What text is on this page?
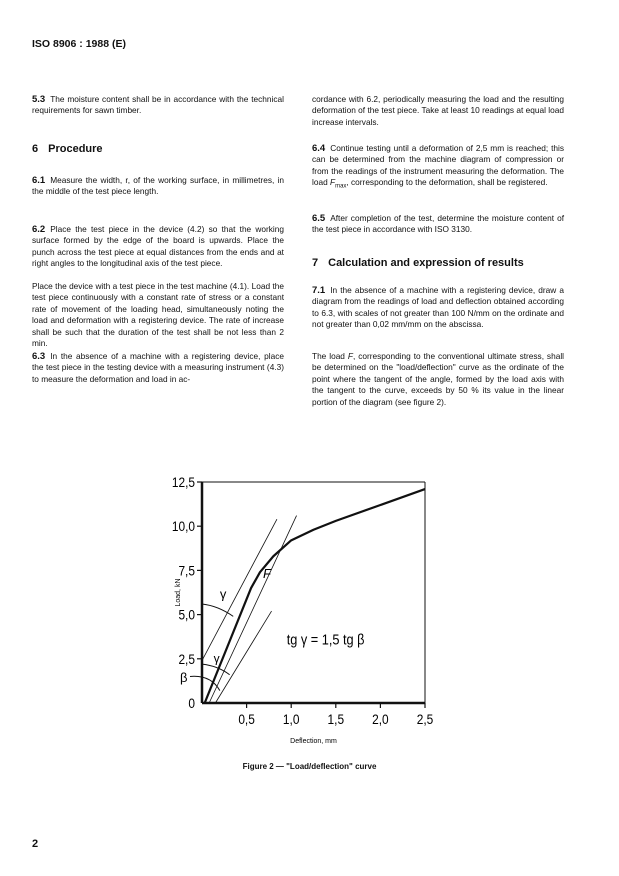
ISO 8906 : 1988 (E)

5.3 The moisture content shall be in accordance with the technical requirements for sawn timber.

6 Procedure

6.1 Measure the width, r, of the working surface, in millimetres, in the middle of the test piece length.

6.2 Place the test piece in the device (4.2) so that the working surface formed by the edge of the board is upwards. Place the punch across the test piece at equal distances from the ends and at right angles to the longitudinal axis of the test piece.

Place the device with a test piece in the test machine (4.1). Load the test piece continuously with a constant rate of stress or a constant rate of movement of the loading head, simultaneously noting the load and deformation with a registering device. The rate of increase shall be such that the duration of the test shall be not less than 2 min.

6.3 In the absence of a machine with a registering device, place the test piece in the testing device with a measuring instrument (4.3) to measure the deformation and load in ac-

cordance with 6.2, periodically measuring the load and the resulting deformation of the test piece. Take at least 10 readings at equal load increase intervals.

6.4 Continue testing until a deformation of 2,5 mm is reached; this can be determined from the machine diagram of compression or from the readings of the instrument measuring the deformation. The load $F_{max}$, corresponding to the deformation, shall be registered.

6.5 After completion of the test, determine the moisture content of the test piece in accordance with ISO 3130.

7 Calculation and expression of results

7.1 In the absence of a machine with a registering device, draw a diagram from the readings of load and deflection obtained according to 6.3, with scales of not greater than 100 N/mm on the ordinate and not greater than 0,02 mm/mm on the abscissa.

The load F, corresponding to the conventional ultimate stress, shall be determined on the "load/deflection" curve as the ordinate of the point where the tangent of the angle, formed by the load axis with the tangent to the curve, exceeds by 50 % its value in the linear portion of the diagram (see figure 2).

0
2,5
5,0
7,5
10,0
12,5
0,5 1,0 1,5 2,0 2,5
Load, kN
Deflection, mm
F
γ
γ
β
tg γ = 1,5 tg β
Figure 2 — "Load/deflection" curve
2
